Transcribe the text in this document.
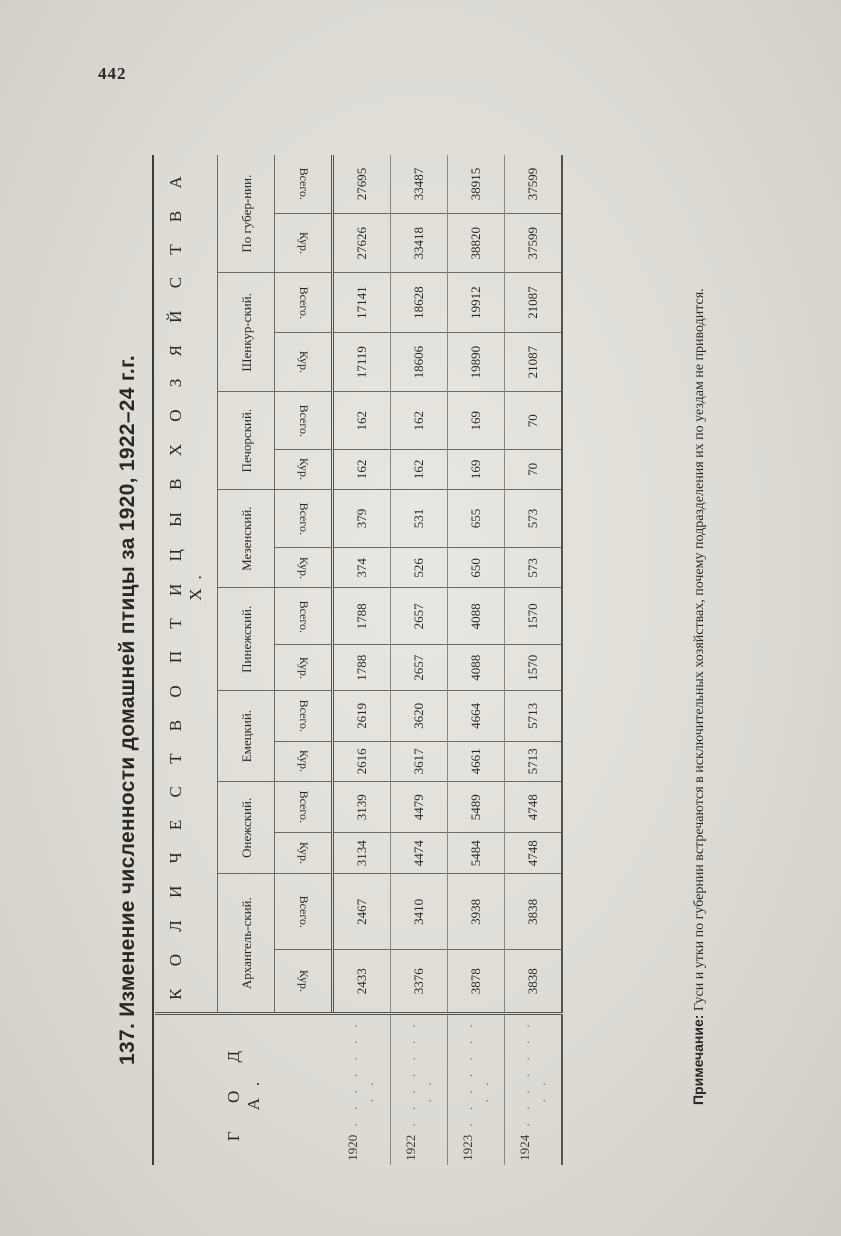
442
137. Изменение численности домашней птицы за 1920, 1922–24 г.г.
Г О Д А.	К О Л И Ч Е С Т В О П Т И Ц Ы В Х О З Я Й С Т В А Х.															
	Архангель-ский.		Онежский.		Емецкий.		Пинежский.		Мезенский.		Печорский.		Шенкур-ский.		По губер-нии.	
	Кур.	Всего.	Кур.	Всего.	Кур.	Всего.	Кур.	Всего.	Кур.	Всего.	Кур.	Всего.	Кур.	Всего.	Кур.	Всего.
1920 . . . . . . . . .	2433	2467	3134	3139	2616	2619	1788	1788	374	379	162	162	17119	17141	27626	27695
1922 . . . . . . . . .	3376	3410	4474	4479	3617	3620	2657	2657	526	531	162	162	18606	18628	33418	33487
1923 . . . . . . . . .	3878	3938	5484	5489	4661	4664	4088	4088	650	655	169	169	19890	19912	38820	38915
1924 . . . . . . . . .	3838	3838	4748	4748	5713	5713	1570	1570	573	573	70	70	21087	21087	37599	37599
Примечание: Гуси и утки по губернии встречаются в исключительных хозяйствах, почему подразделения их по уездам не приводится.
